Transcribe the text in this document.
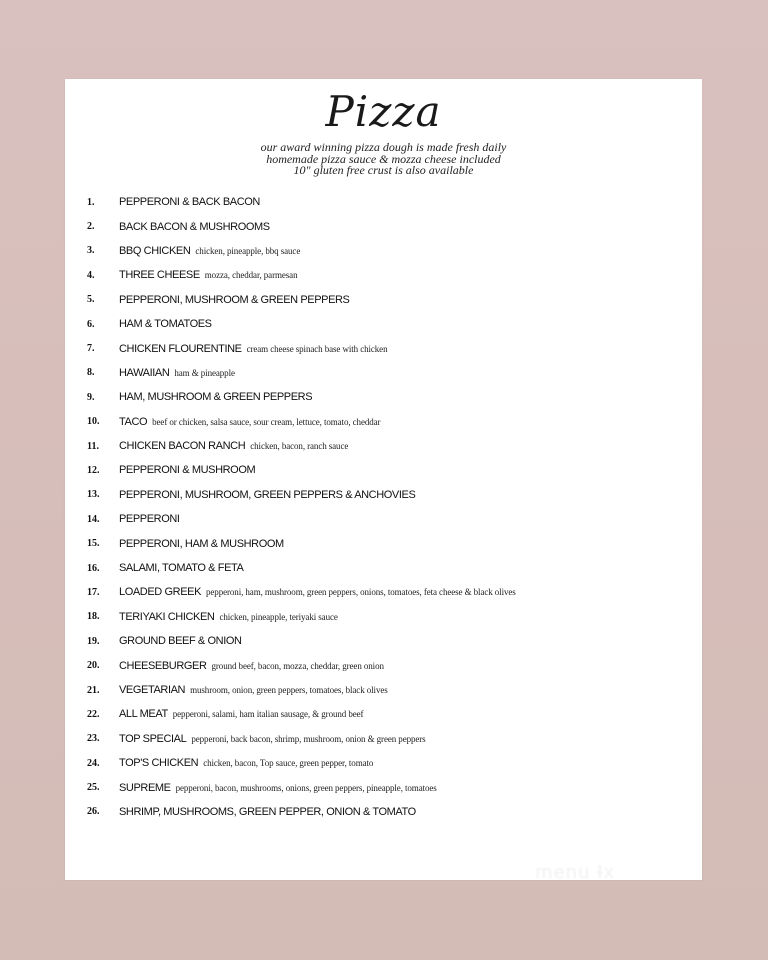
Pizza
our award winning pizza dough is made fresh daily
homemade pizza sauce & mozza cheese included
10" gluten free crust is also available
1.	PEPPERONI & BACK BACON
2.	BACK BACON & MUSHROOMS
3.	BBQ CHICKEN chicken, pineapple, bbq sauce
4.	THREE CHEESE mozza, cheddar, parmesan
5.	PEPPERONI, MUSHROOM & GREEN PEPPERS
6.	HAM & TOMATOES
7.	CHICKEN FLOURENTINE cream cheese spinach base with chicken
8.	HAWAIIAN ham & pineapple
9.	HAM, MUSHROOM & GREEN PEPPERS
10.	TACO beef or chicken, salsa sauce, sour cream, lettuce, tomato, cheddar
11.	CHICKEN BACON RANCH chicken, bacon, ranch sauce
12.	PEPPERONI & MUSHROOM
13.	PEPPERONI, MUSHROOM, GREEN PEPPERS & ANCHOVIES
14.	PEPPERONI
15.	PEPPERONI, HAM & MUSHROOM
16.	SALAMI, TOMATO & FETA
17.	LOADED GREEK pepperoni, ham, mushroom, green peppers, onions, tomatoes, feta cheese & black olives
18.	TERIYAKI CHICKEN chicken, pineapple, teriyaki sauce
19.	GROUND BEEF & ONION
20.	CHEESEBURGER ground beef, bacon, mozza, cheddar, green onion
21.	VEGETARIAN mushroom, onion, green peppers, tomatoes, black olives
22.	ALL MEAT pepperoni, salami, ham italian sausage, & ground beef
23.	TOP SPECIAL pepperoni, back bacon, shrimp, mushroom, onion & green peppers
24.	TOP'S CHICKEN chicken, bacon, Top sauce, green pepper, tomato
25.	SUPREME pepperoni, bacon, mushrooms, onions, green peppers, pineapple, tomatoes
26.	SHRIMP, MUSHROOMS, GREEN PEPPER, ONION & TOMATO
menu Ɨx
